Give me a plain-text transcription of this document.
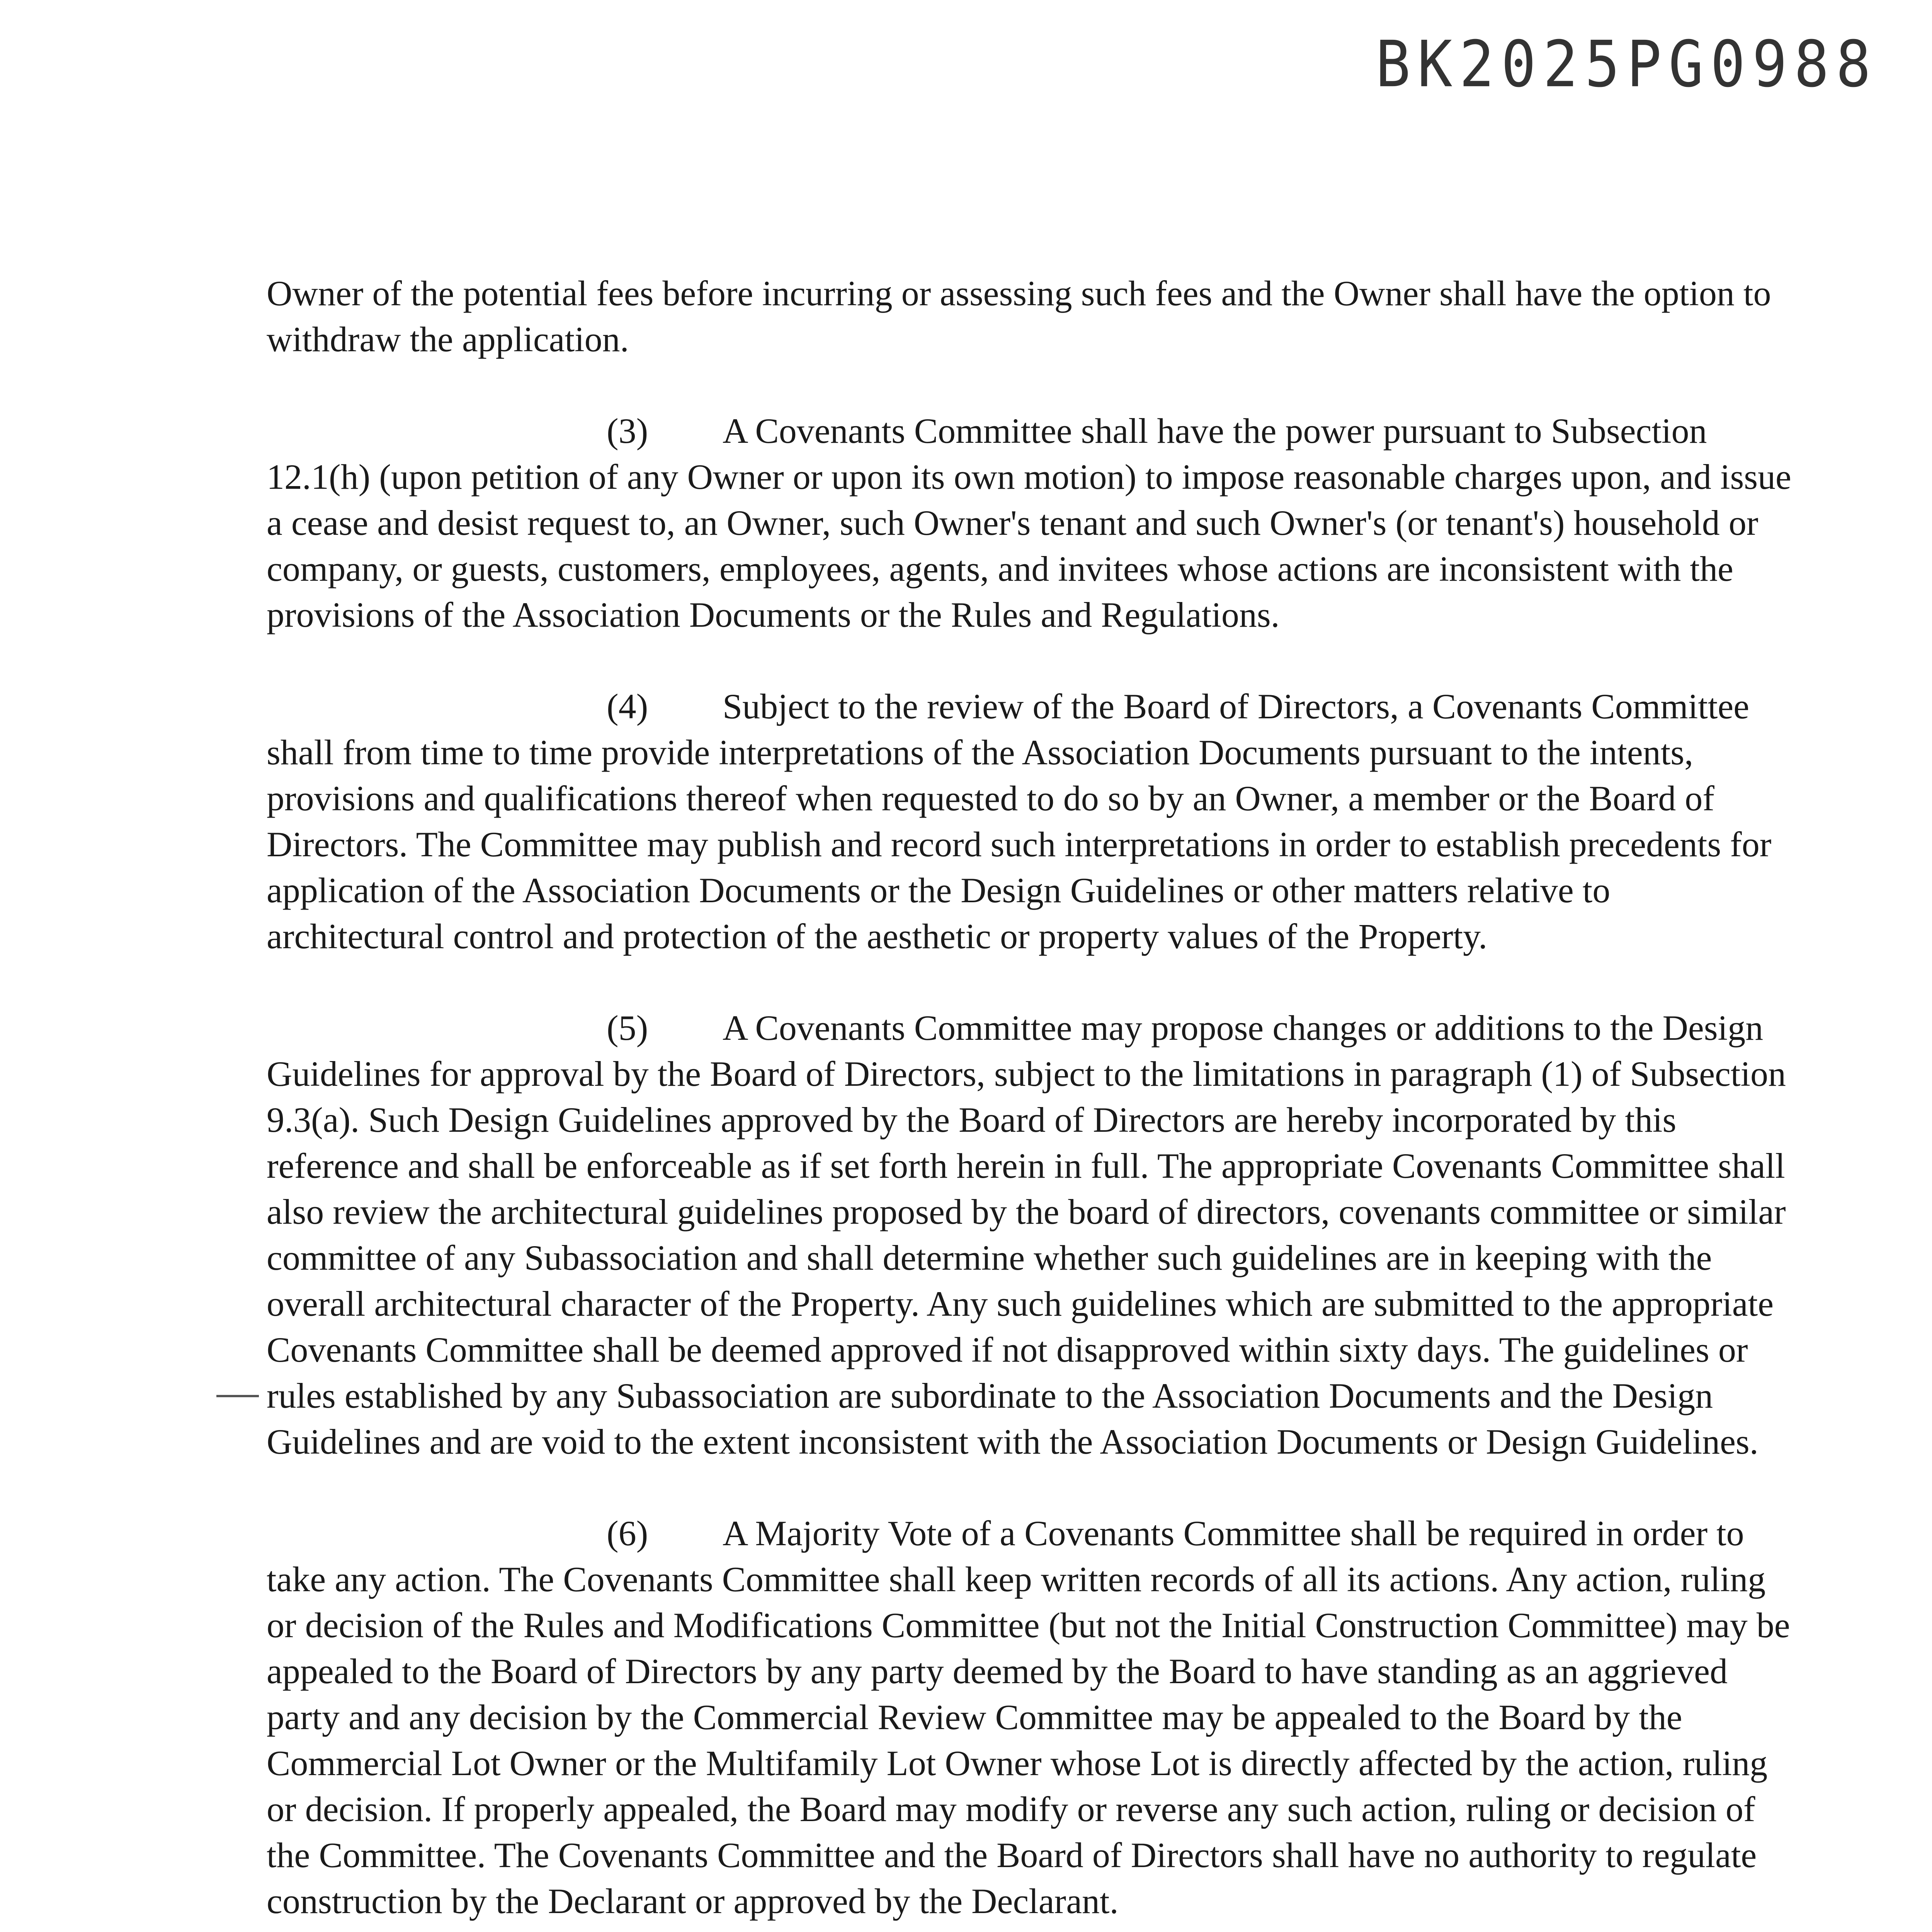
BK2025PG0988

Owner of the potential fees before incurring or assessing such fees and the Owner shall have the option to withdraw the application.

(3) A Covenants Committee shall have the power pursuant to Subsection 12.1(h) (upon petition of any Owner or upon its own motion) to impose reasonable charges upon, and issue a cease and desist request to, an Owner, such Owner's tenant and such Owner's (or tenant's) household or company, or guests, customers, employees, agents, and invitees whose actions are inconsistent with the provisions of the Association Documents or the Rules and Regulations.

(4) Subject to the review of the Board of Directors, a Covenants Committee shall from time to time provide interpretations of the Association Documents pursuant to the intents, provisions and qualifications thereof when requested to do so by an Owner, a member or the Board of Directors. The Committee may publish and record such interpretations in order to establish precedents for application of the Association Documents or the Design Guidelines or other matters relative to architectural control and protection of the aesthetic or property values of the Property.

(5) A Covenants Committee may propose changes or additions to the Design Guidelines for approval by the Board of Directors, subject to the limitations in paragraph (1) of Subsection 9.3(a). Such Design Guidelines approved by the Board of Directors are hereby incorporated by this reference and shall be enforceable as if set forth herein in full. The appropriate Covenants Committee shall also review the architectural guidelines proposed by the board of directors, covenants committee or similar committee of any Subassociation and shall determine whether such guidelines are in keeping with the overall architectural character of the Property. Any such guidelines which are submitted to the appropriate Covenants Committee shall be deemed approved if not disapproved within sixty days. The guidelines or rules established by any Subassociation are subordinate to the Association Documents and the Design Guidelines and are void to the extent inconsistent with the Association Documents or Design Guidelines.

(6) A Majority Vote of a Covenants Committee shall be required in order to take any action. The Covenants Committee shall keep written records of all its actions. Any action, ruling or decision of the Rules and Modifications Committee (but not the Initial Construction Committee) may be appealed to the Board of Directors by any party deemed by the Board to have standing as an aggrieved party and any decision by the Commercial Review Committee may be appealed to the Board by the Commercial Lot Owner or the Multifamily Lot Owner whose Lot is directly affected by the action, ruling or decision. If properly appealed, the Board may modify or reverse any such action, ruling or decision of the Committee. The Covenants Committee and the Board of Directors shall have no authority to regulate construction by the Declarant or approved by the Declarant.
